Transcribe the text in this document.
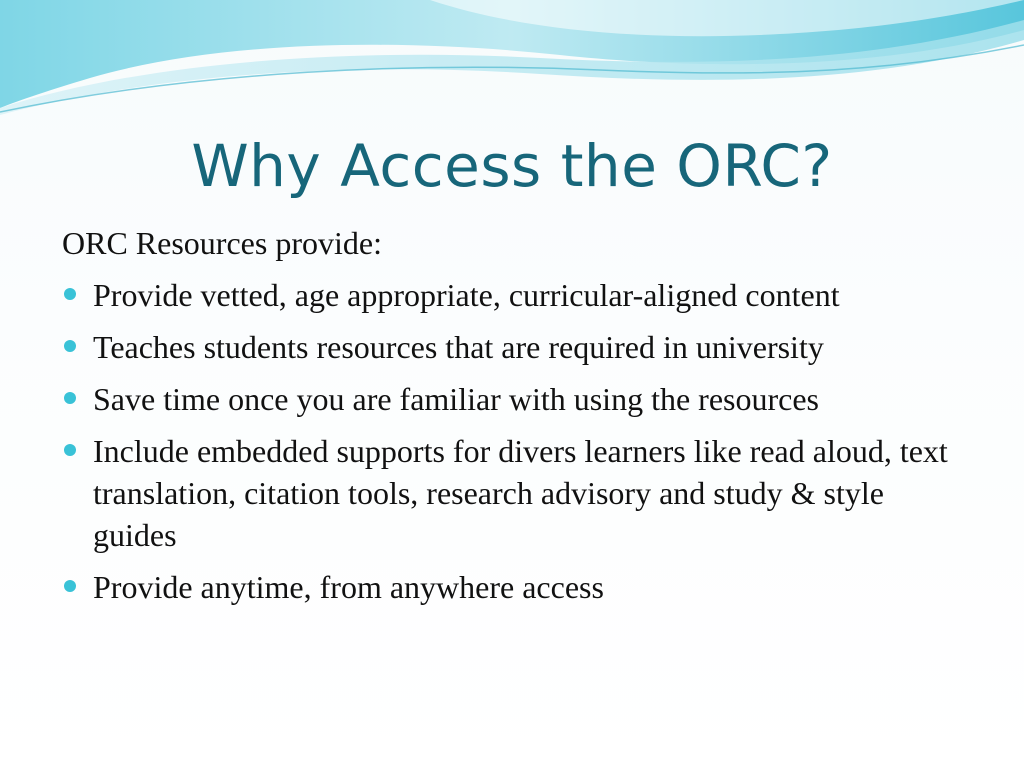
Why Access the ORC?

ORC Resources provide:

Provide vetted, age appropriate, curricular-aligned content
Teaches students resources that are required in university
Save time once you are familiar with using the resources
Include embedded supports for divers learners like read aloud, text translation, citation tools, research advisory and study & style guides
Provide anytime, from anywhere access
